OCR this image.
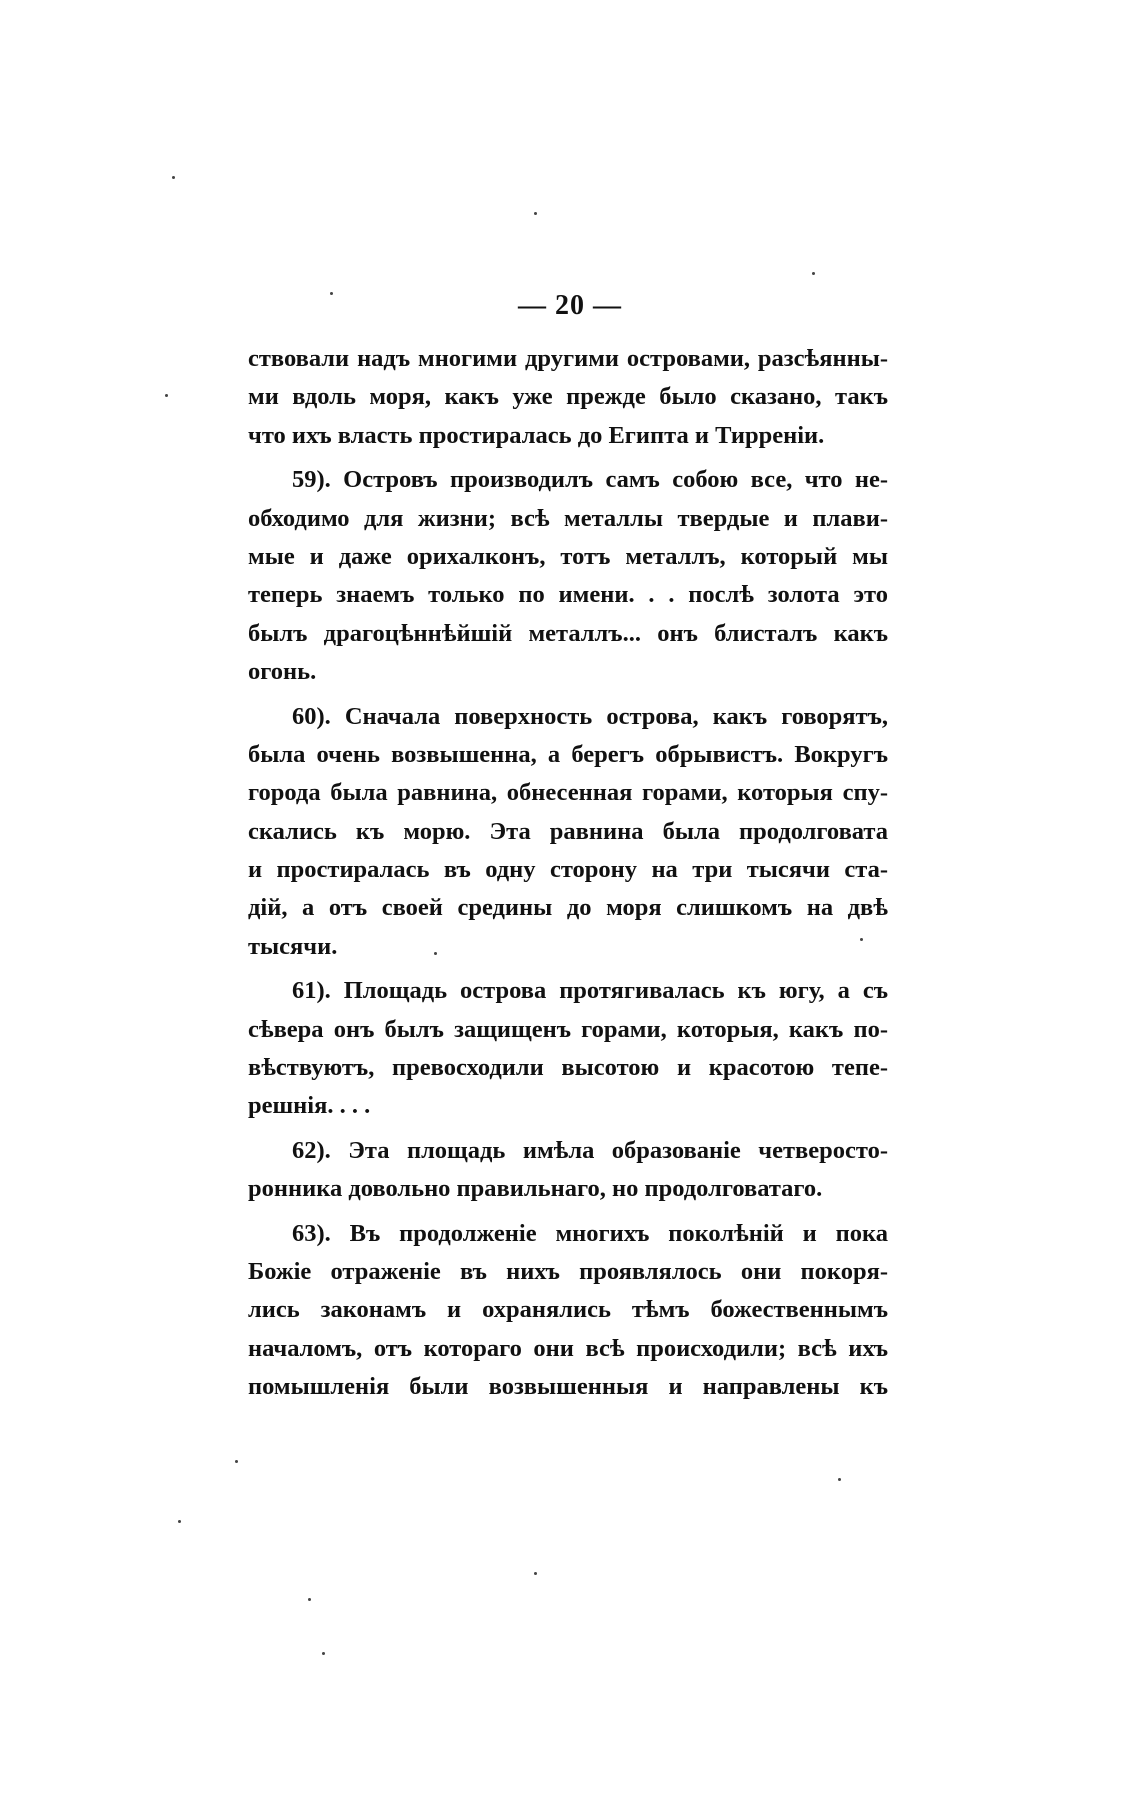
— 20 —
ствовали надъ многими другими островами, разсѣянны-
ми вдоль моря, какъ уже прежде было сказано, такъ
что ихъ власть простиралась до Египта и Тирреніи.
59). Островъ производилъ самъ собою все, что не-
обходимо для жизни; всѣ металлы твердые и плави-
мые и даже орихалконъ, тотъ металлъ, который мы
теперь знаемъ только по имени. . . послѣ золота это
былъ драгоцѣннѣйшій металлъ... онъ блисталъ какъ
огонь.
60). Сначала поверхность острова, какъ говорятъ,
была очень возвышенна, а берегъ обрывистъ. Вокругъ
города была равнина, обнесенная горами, которыя спу-
скались къ морю. Эта равнина была продолговата
и простиралась въ одну сторону на три тысячи ста-
дій, а отъ своей средины до моря слишкомъ на двѣ
тысячи.
61). Площадь острова протягивалась къ югу, а съ
сѣвера онъ былъ защищенъ горами, которыя, какъ по-
вѣствуютъ, превосходили высотою и красотою тепе-
решнія. . . .
62). Эта площадь имѣла образованіе четверосто-
ронника довольно правильнаго, но продолговатаго.
63). Въ продолженіе многихъ поколѣній и пока
Божіе отраженіе въ нихъ проявлялось они покоря-
лись законамъ и охранялись тѣмъ божественнымъ
началомъ, отъ котораго они всѣ происходили; всѣ ихъ
помышленія были возвышенныя и направлены къ
